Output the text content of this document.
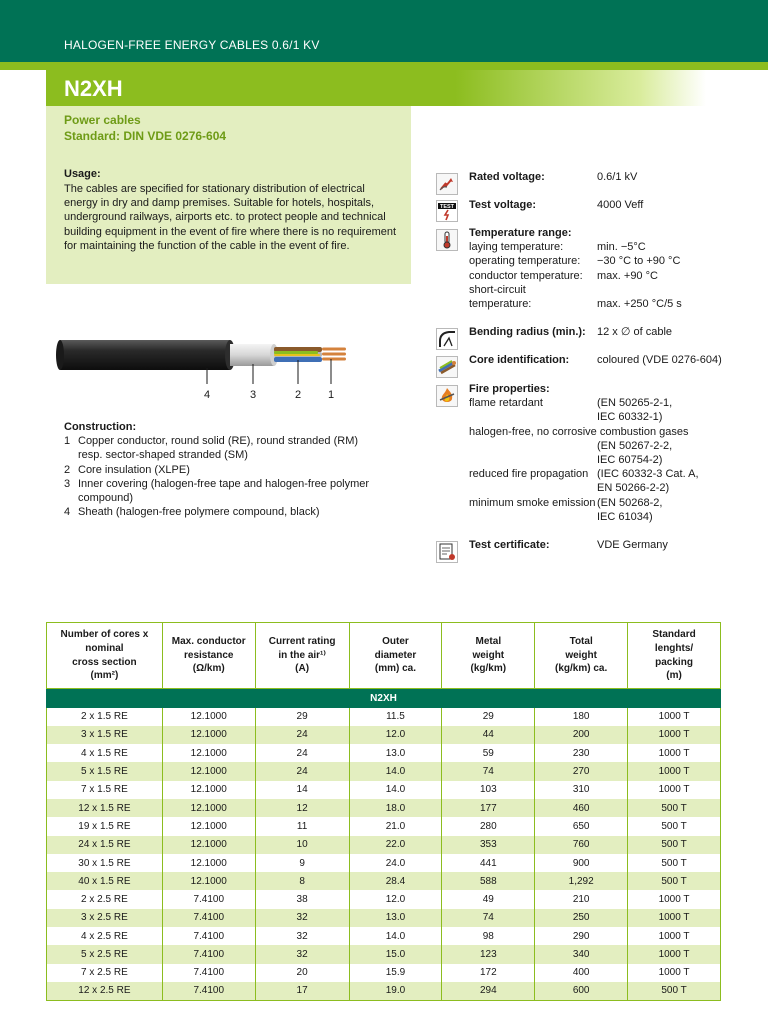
HALOGEN-FREE ENERGY CABLES 0.6/1 KV
N2XH
Power cables
Standard: DIN VDE 0276-604
Usage:
The cables are specified for stationary distribution of electrical energy in dry and damp premises. Suitable for hotels, hospitals, underground railways, airports etc. to protect people and technical building equipment in the event of fire where there is no requirement for maintaining the function of the cable in the event of fire.
4	3	2 1
Construction:
1 Copper conductor, round solid (RE), round stranded (RM)
resp. sector-shaped stranded (SM)
2 Core insulation (XLPE)
3 Inner covering (halogen-free tape and halogen-free polymer
compound)
4 Sheath (halogen-free polymere compound, black)
Rated voltage:	0.6/1 kV
TEST Test voltage:	4000 Veff
Temperature range:
laying temperature:	min. −5°C
operating temperature: −30 °C to +90 °C
conductor temperature: max. +90 °C
short-circuit
temperature:	max. +250 °C/5 s
Bending radius (min.): 12 x ∅ of cable
Core identification:	coloured (VDE 0276-604)
Fire properties:
flame retardant	(EN 50265-2-1,
IEC 60332-1)
halogen-free, no corrosive combustion gases
(EN 50267-2-2,
IEC 60754-2)
reduced fire propagation (IEC 60332-3 Cat. A,
EN 50266-2-2)
minimum smoke emission (EN 50268-2,
IEC 61034)
Test certificate:	VDE Germany
Number of cores x
nominal
cross section
(mm²)	Max. conductor
resistance
(Ω/km)	Current rating
in the air¹⁾
(A)	Outer
diameter
(mm) ca.	Metal
weight
(kg/km)	Total
weight
(kg/km) ca.	Standard
lenghts/
packing
(m)
N2XH						
2 x 1.5 RE	12.1000	29	11.5	29	180	1000 T
3 x 1.5 RE	12.1000	24	12.0	44	200	1000 T
4 x 1.5 RE	12.1000	24	13.0	59	230	1000 T
5 x 1.5 RE	12.1000	24	14.0	74	270	1000 T
7 x 1.5 RE	12.1000	14	14.0	103	310	1000 T
12 x 1.5 RE	12.1000	12	18.0	177	460	500 T
19 x 1.5 RE	12.1000	11	21.0	280	650	500 T
24 x 1.5 RE	12.1000	10	22.0	353	760	500 T
30 x 1.5 RE	12.1000	9	24.0	441	900	500 T
40 x 1.5 RE	12.1000	8	28.4	588	1,292	500 T
2 x 2.5 RE	7.4100	38	12.0	49	210	1000 T
3 x 2.5 RE	7.4100	32	13.0	74	250	1000 T
4 x 2.5 RE	7.4100	32	14.0	98	290	1000 T
5 x 2.5 RE	7.4100	32	15.0	123	340	1000 T
7 x 2.5 RE	7.4100	20	15.9	172	400	1000 T
12 x 2.5 RE	7.4100	17	19.0	294	600	500 T
